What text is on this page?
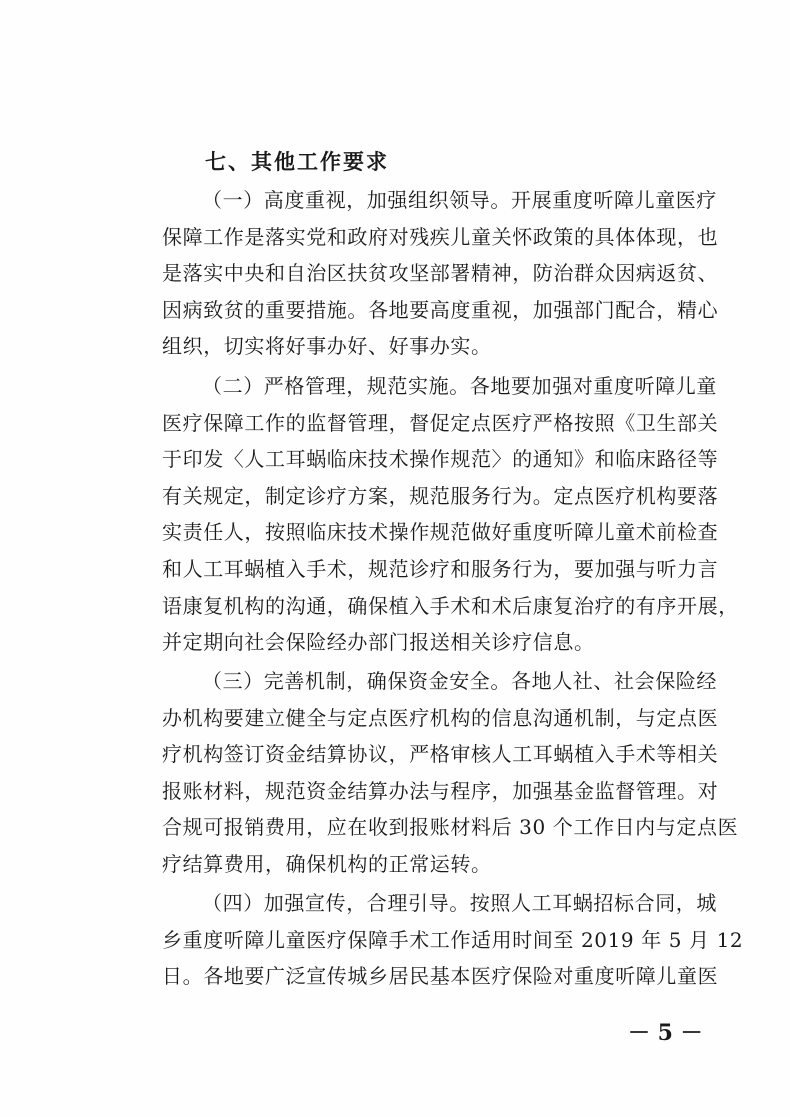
七、其他工作要求
（一）高度重视，加强组织领导。开展重度听障儿童医疗
保障工作是落实党和政府对残疾儿童关怀政策的具体体现，也
是落实中央和自治区扶贫攻坚部署精神，防治群众因病返贫、
因病致贫的重要措施。各地要高度重视，加强部门配合，精心
组织，切实将好事办好、好事办实。
（二）严格管理，规范实施。各地要加强对重度听障儿童
医疗保障工作的监督管理，督促定点医疗严格按照《卫生部关
于印发〈人工耳蜗临床技术操作规范〉的通知》和临床路径等
有关规定，制定诊疗方案，规范服务行为。定点医疗机构要落
实责任人，按照临床技术操作规范做好重度听障儿童术前检查
和人工耳蜗植入手术，规范诊疗和服务行为，要加强与听力言
语康复机构的沟通，确保植入手术和术后康复治疗的有序开展，
并定期向社会保险经办部门报送相关诊疗信息。
（三）完善机制，确保资金安全。各地人社、社会保险经
办机构要建立健全与定点医疗机构的信息沟通机制，与定点医
疗机构签订资金结算协议，严格审核人工耳蜗植入手术等相关
报账材料，规范资金结算办法与程序，加强基金监督管理。对
合规可报销费用，应在收到报账材料后 30 个工作日内与定点医
疗结算费用，确保机构的正常运转。
（四）加强宣传，合理引导。按照人工耳蜗招标合同，城
乡重度听障儿童医疗保障手术工作适用时间至 2019 年 5 月 12
日。各地要广泛宣传城乡居民基本医疗保险对重度听障儿童医
－ 5 －
